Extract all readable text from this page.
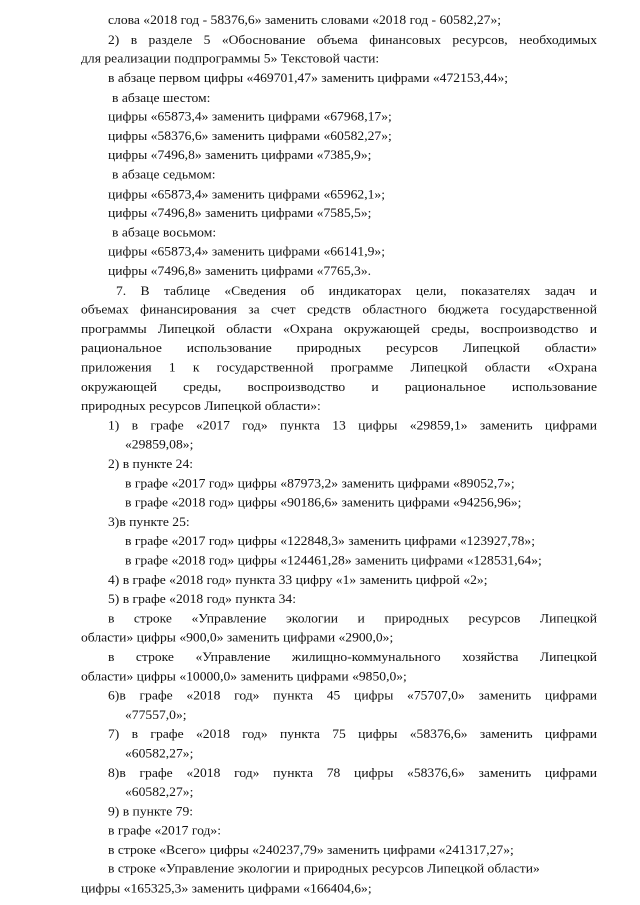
слова «2018 год - 58376,6» заменить словами «2018 год - 60582,27»;
2) в разделе 5 «Обоснование объема финансовых ресурсов, необходимых
для реализации подпрограммы 5» Текстовой части:
в абзаце первом цифры «469701,47» заменить цифрами «472153,44»;
в абзаце шестом:
цифры «65873,4» заменить цифрами «67968,17»;
цифры «58376,6» заменить цифрами «60582,27»;
цифры «7496,8» заменить цифрами «7385,9»;
в абзаце седьмом:
цифры «65873,4» заменить цифрами «65962,1»;
цифры «7496,8» заменить цифрами «7585,5»;
в абзаце восьмом:
цифры «65873,4» заменить цифрами «66141,9»;
цифры «7496,8» заменить цифрами «7765,3».
7. В таблице «Сведения об индикаторах цели, показателях задач и
объемах финансирования за счет средств областного бюджета государственной
программы Липецкой области «Охрана окружающей среды, воспроизводство и
рациональное использование природных ресурсов Липецкой области»
приложения 1 к государственной программе Липецкой области «Охрана
окружающей среды, воспроизводство и рациональное использование
природных ресурсов Липецкой области»:
1) в графе «2017 год» пункта 13 цифры «29859,1» заменить цифрами
«29859,08»;
2) в пункте 24:
в графе «2017 год» цифры «87973,2» заменить цифрами «89052,7»;
в графе «2018 год» цифры «90186,6» заменить цифрами «94256,96»;
3)в пункте 25:
в графе «2017 год» цифры «122848,3» заменить цифрами «123927,78»;
в графе «2018 год» цифры «124461,28» заменить цифрами «128531,64»;
4) в графе «2018 год» пункта 33 цифру «1» заменить цифрой «2»;
5) в графе «2018 год» пункта 34:
в строке «Управление экологии и природных ресурсов Липецкой
области» цифры «900,0» заменить цифрами «2900,0»;
в строке «Управление жилищно-коммунального хозяйства Липецкой
области» цифры «10000,0» заменить цифрами «9850,0»;
6)в графе «2018 год» пункта 45 цифры «75707,0» заменить цифрами
«77557,0»;
7) в графе «2018 год» пункта 75 цифры «58376,6» заменить цифрами
«60582,27»;
8)в графе «2018 год» пункта 78 цифры «58376,6» заменить цифрами
«60582,27»;
9) в пункте 79:
в графе «2017 год»:
в строке «Всего» цифры «240237,79» заменить цифрами «241317,27»;
в строке «Управление экологии и природных ресурсов Липецкой области»
цифры «165325,3» заменить цифрами «166404,6»;
